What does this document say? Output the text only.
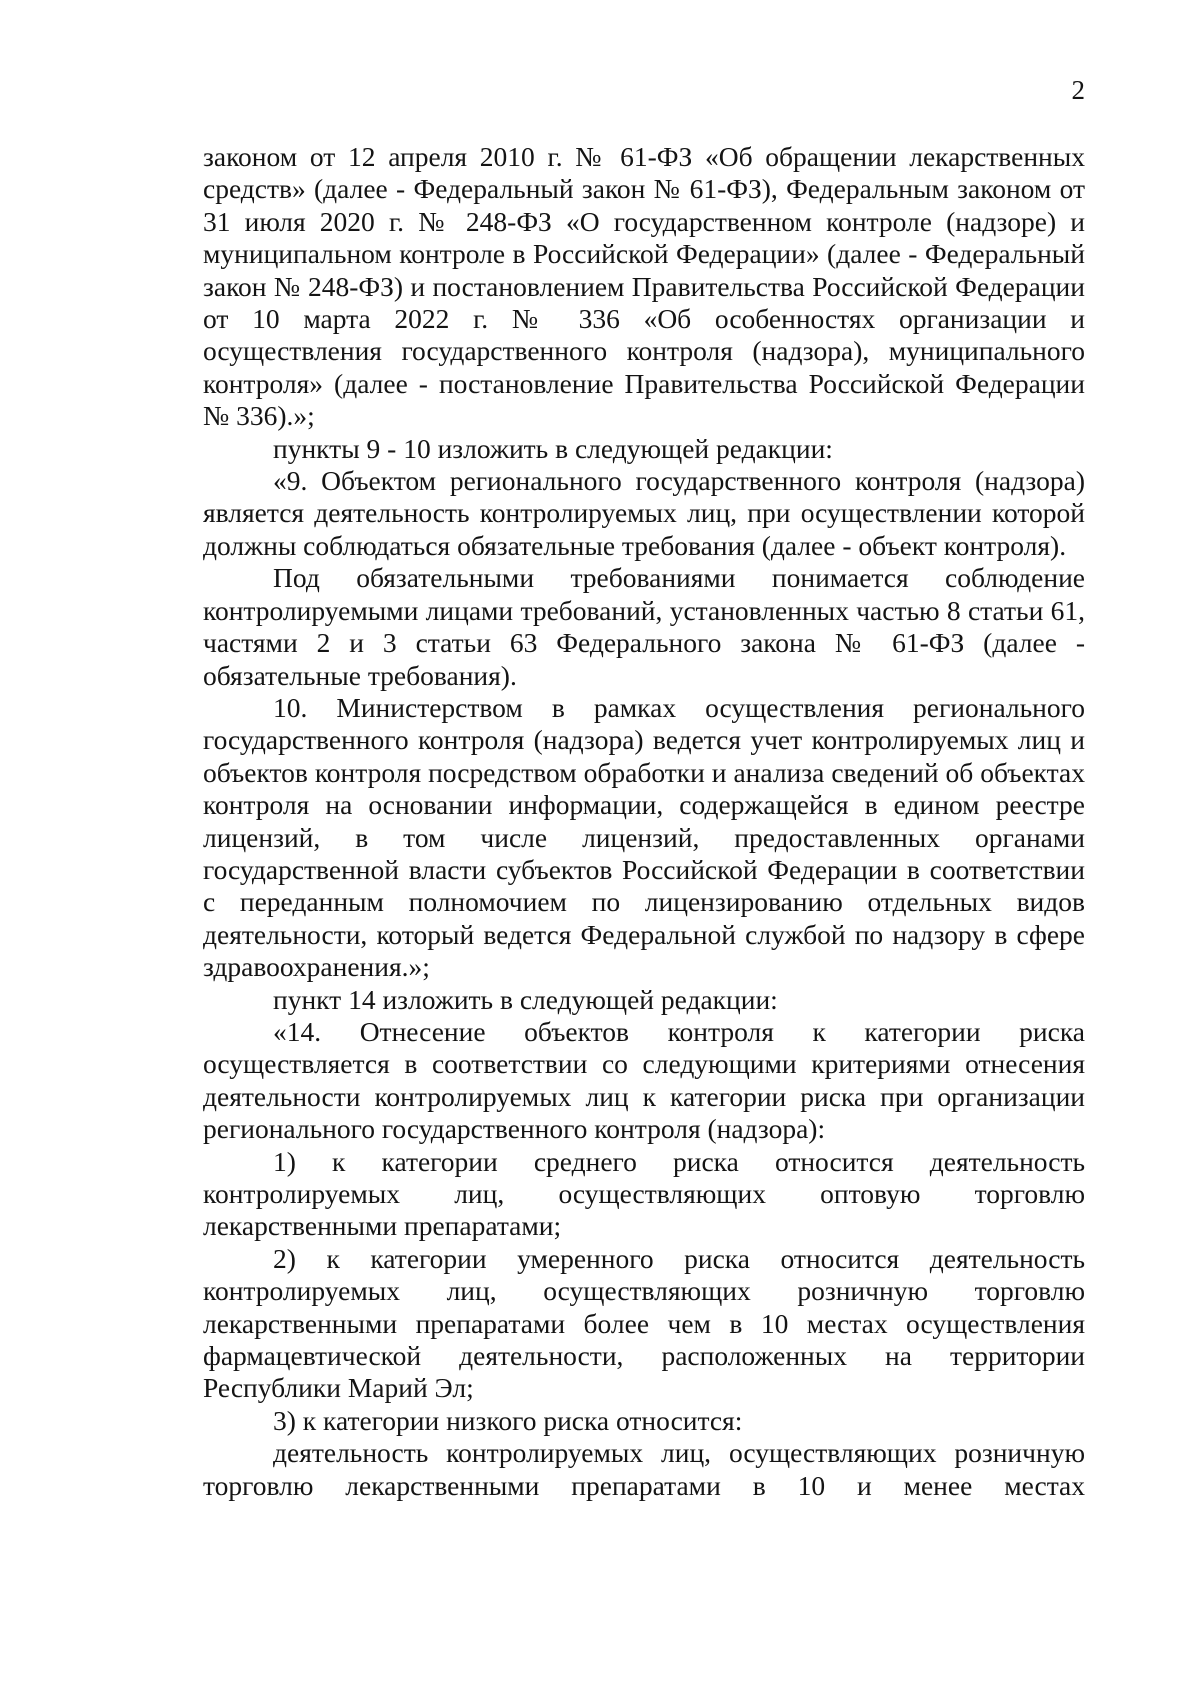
2

законом от 12 апреля 2010 г. № 61-ФЗ «Об обращении лекарственных средств» (далее - Федеральный закон № 61-ФЗ), Федеральным законом от 31 июля 2020 г. № 248-ФЗ «О государственном контроле (надзоре) и муниципальном контроле в Российской Федерации» (далее - Федеральный закон № 248-ФЗ) и постановлением Правительства Российской Федерации от 10 марта 2022 г. № 336 «Об особенностях организации и осуществления государственного контроля (надзора), муниципального контроля» (далее - постановление Правительства Российской Федерации № 336).»;

пункты 9 - 10 изложить в следующей редакции:

«9. Объектом регионального государственного контроля (надзора) является деятельность контролируемых лиц, при осуществлении которой должны соблюдаться обязательные требования (далее - объект контроля).

Под обязательными требованиями понимается соблюдение контролируемыми лицами требований, установленных частью 8 статьи 61, частями 2 и 3 статьи 63 Федерального закона № 61-ФЗ (далее - обязательные требования).

10. Министерством в рамках осуществления регионального государственного контроля (надзора) ведется учет контролируемых лиц и объектов контроля посредством обработки и анализа сведений об объектах контроля на основании информации, содержащейся в едином реестре лицензий, в том числе лицензий, предоставленных органами государственной власти субъектов Российской Федерации в соответствии с переданным полномочием по лицензированию отдельных видов деятельности, который ведется Федеральной службой по надзору в сфере здравоохранения.»;

пункт 14 изложить в следующей редакции:

«14. Отнесение объектов контроля к категории риска осуществляется в соответствии со следующими критериями отнесения деятельности контролируемых лиц к категории риска при организации регионального государственного контроля (надзора):

1) к категории среднего риска относится деятельность контролируемых лиц, осуществляющих оптовую торговлю лекарственными препаратами;

2) к категории умеренного риска относится деятельность контролируемых лиц, осуществляющих розничную торговлю лекарственными препаратами более чем в 10 местах осуществления фармацевтической деятельности, расположенных на территории Республики Марий Эл;

3) к категории низкого риска относится:

деятельность контролируемых лиц, осуществляющих розничную торговлю лекарственными препаратами в 10 и менее местах
